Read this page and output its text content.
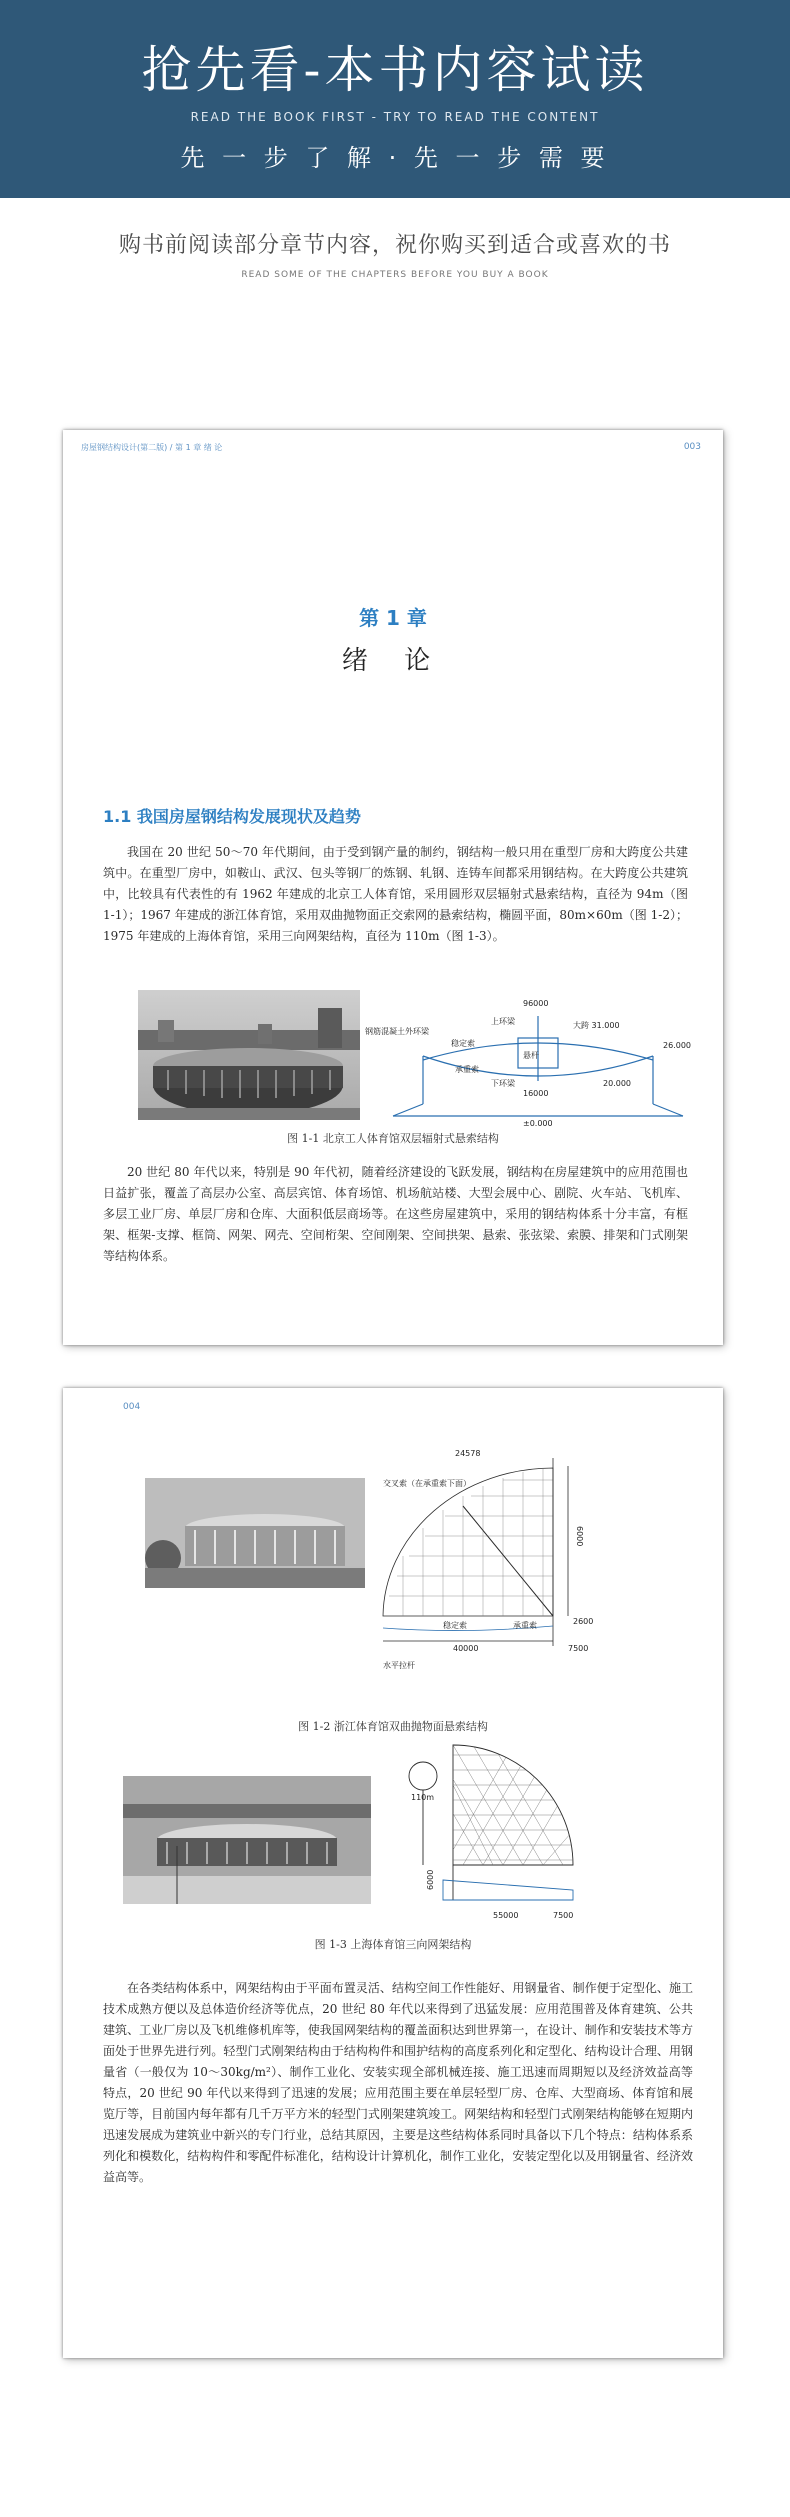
抢先看-本书内容试读
READ THE BOOK FIRST - TRY TO READ THE CONTENT
先 一 步 了 解 · 先 一 步 需 要
购书前阅读部分章节内容，祝你购买到适合或喜欢的书
READ SOME OF THE CHAPTERS BEFORE YOU BUY A BOOK
房屋钢结构设计(第二版) / 第 1 章 绪 论	003
第 1 章
绪 论
1.1 我国房屋钢结构发展现状及趋势
我国在 20 世纪 50～70 年代期间，由于受到钢产量的制约，钢结构一般只用在重型厂房和大跨度公共建筑中。在重型厂房中，如鞍山、武汉、包头等钢厂的炼钢、轧钢、连铸车间都采用钢结构。在大跨度公共建筑中，比较具有代表性的有 1962 年建成的北京工人体育馆，采用圆形双层辐射式悬索结构，直径为 94m（图 1-1）；1967 年建成的浙江体育馆，采用双曲抛物面正交索网的悬索结构，椭圆平面，80m×60m（图 1-2）；1975 年建成的上海体育馆，采用三向网架结构，直径为 110m（图 1-3）。
96000
上环梁	大跨 31.000
钢筋混凝土外环梁
稳定索
悬杆
承重索
下环梁
16000
26.000
20.000
±0.000
图 1-1 北京工人体育馆双层辐射式悬索结构
20 世纪 80 年代以来，特别是 90 年代初，随着经济建设的飞跃发展，钢结构在房屋建筑中的应用范围也日益扩张，覆盖了高层办公室、高层宾馆、体育场馆、机场航站楼、大型会展中心、剧院、火车站、飞机库、多层工业厂房、单层厂房和仓库、大面积低层商场等。在这些房屋建筑中，采用的钢结构体系十分丰富，有框架、框架-支撑、框筒、网架、网壳、空间桁架、空间刚架、空间拱架、悬索、张弦梁、索膜、排架和门式刚架等结构体系。
004
24578
交叉索（在承重索下面）
承重索
稳定索
40000
6000
2600
7500
水平拉杆
图 1-2 浙江体育馆双曲抛物面悬索结构
110m
55000	7500
6000
图 1-3 上海体育馆三向网架结构
在各类结构体系中，网架结构由于平面布置灵活、结构空间工作性能好、用钢量省、制作便于定型化、施工技术成熟方便以及总体造价经济等优点，20 世纪 80 年代以来得到了迅猛发展：应用范围普及体育建筑、公共建筑、工业厂房以及飞机维修机库等，使我国网架结构的覆盖面积达到世界第一，在设计、制作和安装技术等方面处于世界先进行列。轻型门式刚架结构由于结构构件和围护结构的高度系列化和定型化、结构设计合理、用钢量省（一般仅为 10～30kg/m²）、制作工业化、安装实现全部机械连接、施工迅速而周期短以及经济效益高等特点，20 世纪 90 年代以来得到了迅速的发展；应用范围主要在单层轻型厂房、仓库、大型商场、体育馆和展览厅等，目前国内每年都有几千万平方米的轻型门式刚架建筑竣工。网架结构和轻型门式刚架结构能够在短期内迅速发展成为建筑业中新兴的专门行业，总结其原因，主要是这些结构体系同时具备以下几个特点：结构体系系列化和模数化，结构构件和零配件标准化，结构设计计算机化，制作工业化，安装定型化以及用钢量省、经济效益高等。
